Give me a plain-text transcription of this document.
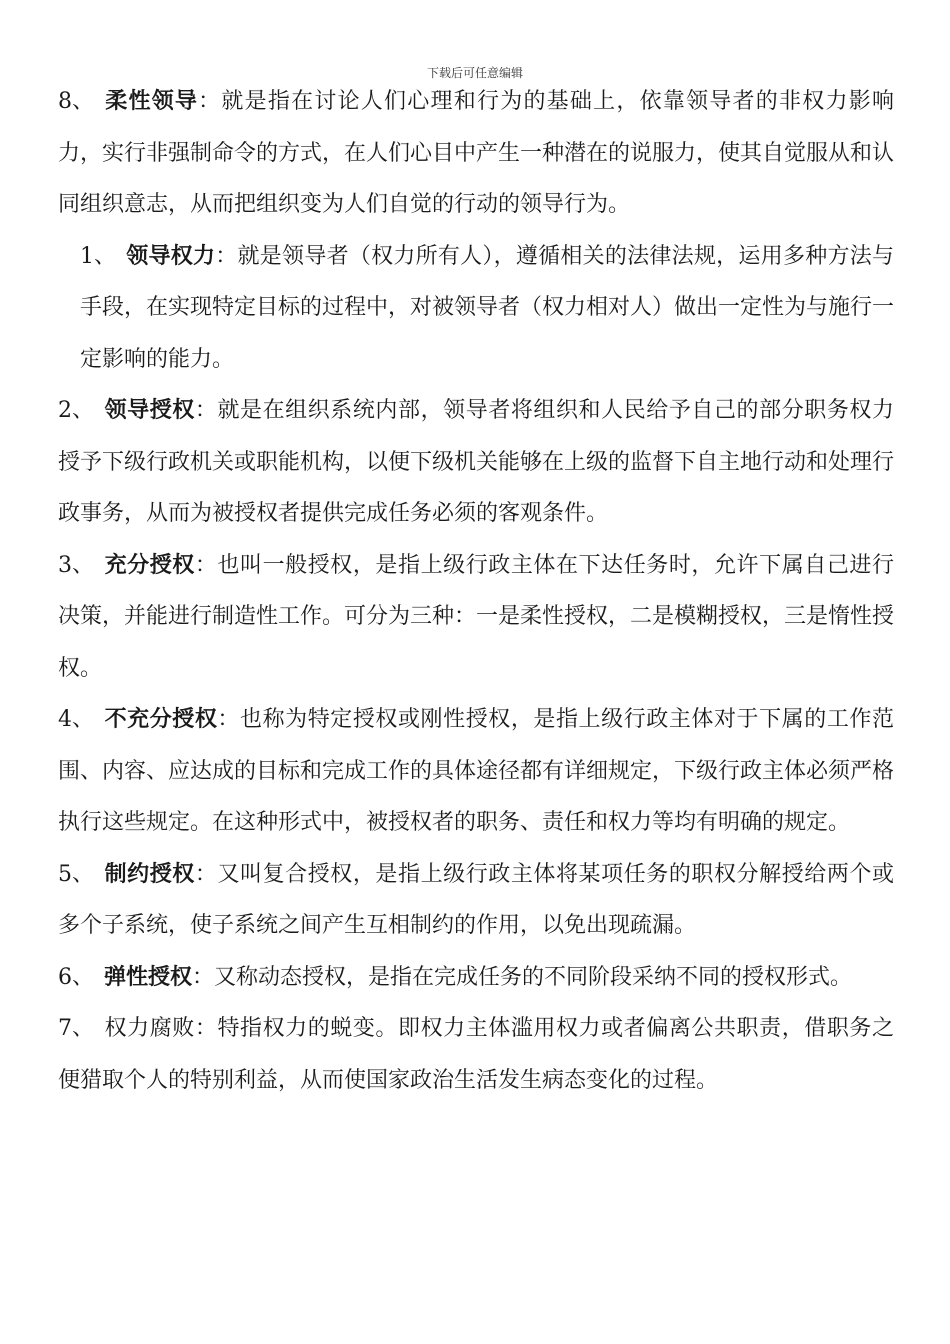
下载后可任意编辑

8、 柔性领导：就是指在讨论人们心理和行为的基础上，依靠领导者的非权力影响力，实行非强制命令的方式，在人们心目中产生一种潜在的说服力，使其自觉服从和认同组织意志，从而把组织变为人们自觉的行动的领导行为。

1、 领导权力：就是领导者（权力所有人），遵循相关的法律法规，运用多种方法与手段，在实现特定目标的过程中，对被领导者（权力相对人）做出一定性为与施行一定影响的能力。

2、 领导授权：就是在组织系统内部，领导者将组织和人民给予自己的部分职务权力授予下级行政机关或职能机构，以便下级机关能够在上级的监督下自主地行动和处理行政事务，从而为被授权者提供完成任务必须的客观条件。

3、 充分授权：也叫一般授权，是指上级行政主体在下达任务时，允许下属自己进行决策，并能进行制造性工作。可分为三种：一是柔性授权，二是模糊授权，三是惰性授权。

4、 不充分授权：也称为特定授权或刚性授权，是指上级行政主体对于下属的工作范围、内容、应达成的目标和完成工作的具体途径都有详细规定，下级行政主体必须严格执行这些规定。在这种形式中，被授权者的职务、责任和权力等均有明确的规定。

5、 制约授权：又叫复合授权，是指上级行政主体将某项任务的职权分解授给两个或多个子系统，使子系统之间产生互相制约的作用，以免出现疏漏。

6、 弹性授权：又称动态授权，是指在完成任务的不同阶段采纳不同的授权形式。

7、 权力腐败：特指权力的蜕变。即权力主体滥用权力或者偏离公共职责，借职务之便猎取个人的特别利益，从而使国家政治生活发生病态变化的过程。
